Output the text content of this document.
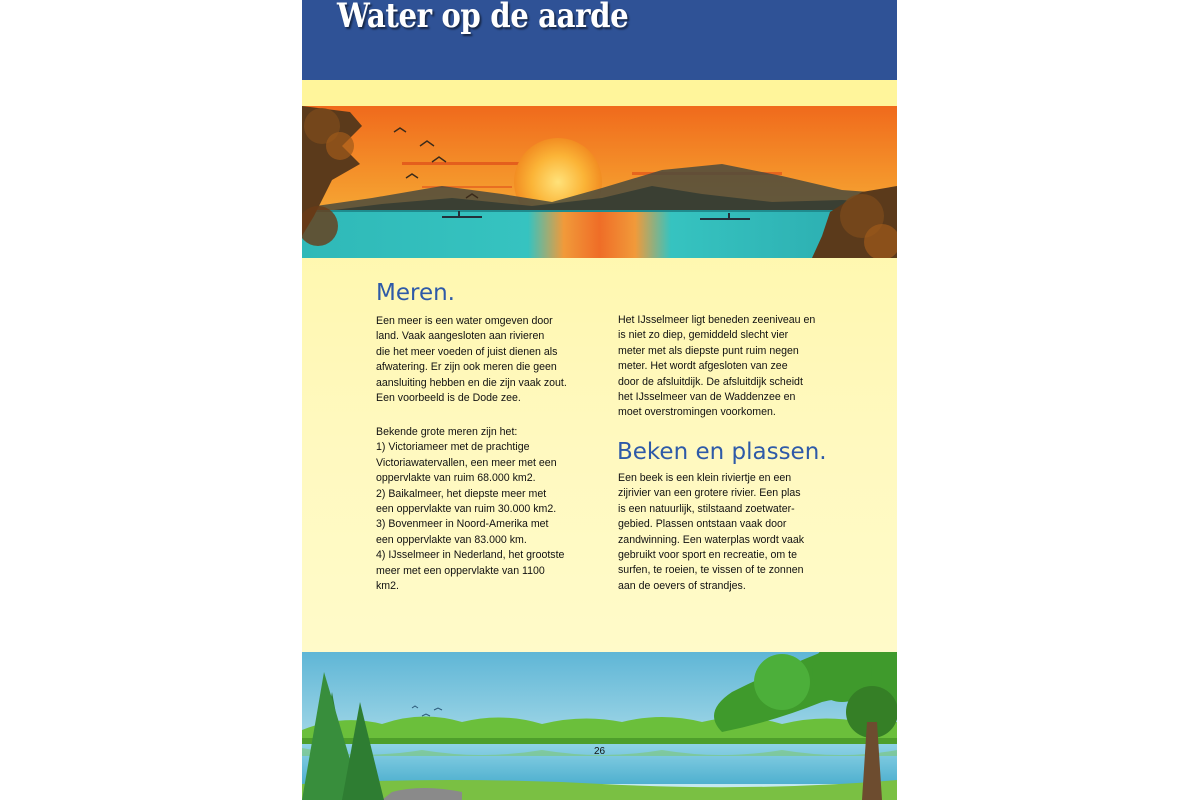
Water op de aarde
Meren.
Een meer is een water omgeven door
land. Vaak aangesloten aan rivieren
die het meer voeden of juist dienen als
afwatering. Er zijn ook meren die geen
aansluiting hebben en die zijn vaak zout.
Een voorbeeld is de Dode zee.
Bekende grote meren zijn het:
1) Victoriameer met de prachtige
Victoriawatervallen, een meer met een
oppervlakte van ruim 68.000 km2.
2) Baikalmeer, het diepste meer met
een oppervlakte van ruim 30.000 km2.
3) Bovenmeer in Noord-Amerika met
een oppervlakte van 83.000 km.
4) IJsselmeer in Nederland, het grootste
meer met een oppervlakte van 1100
km2.
Het IJsselmeer ligt beneden zeeniveau en
is niet zo diep, gemiddeld slecht vier
meter met als diepste punt ruim negen
meter. Het wordt afgesloten van zee
door de afsluitdijk. De afsluitdijk scheidt
het IJsselmeer van de Waddenzee en
moet overstromingen voorkomen.
Beken en plassen.
Een beek is een klein riviertje en een
zijrivier van een grotere rivier. Een plas
is een natuurlijk, stilstaand zoetwater-
gebied. Plassen ontstaan vaak door
zandwinning. Een waterplas wordt vaak
gebruikt voor sport en recreatie, om te
surfen, te roeien, te vissen of te zonnen
aan de oevers of strandjes.
26
